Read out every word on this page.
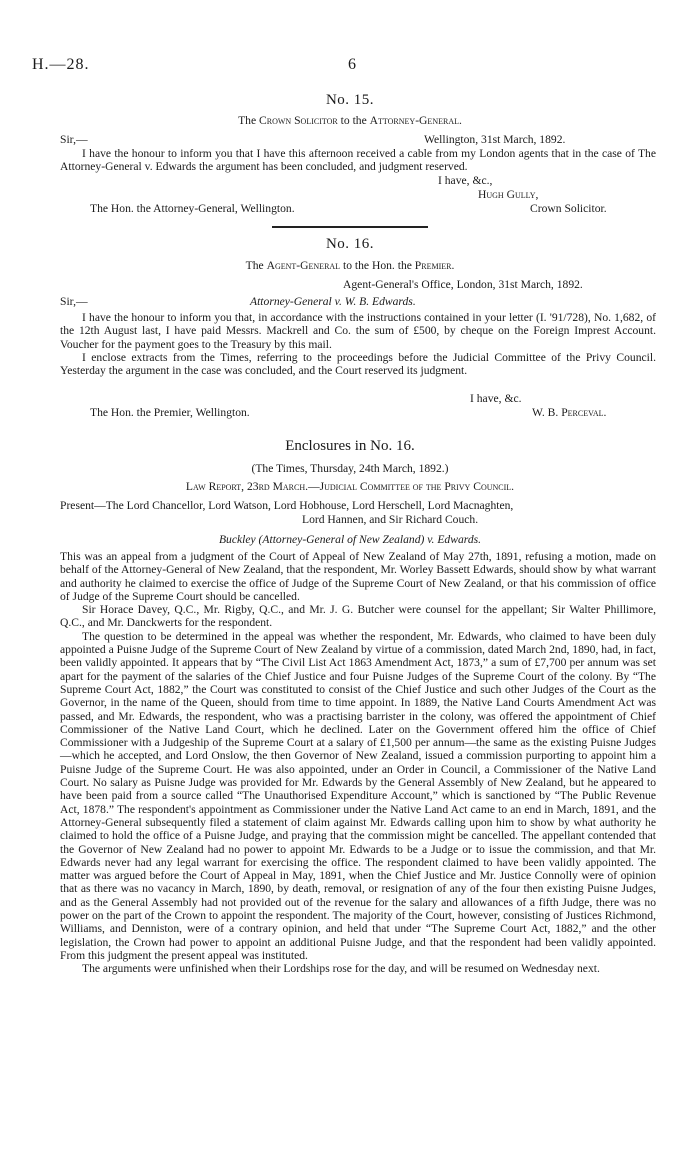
H.—28.	6
No. 15.
The Crown Solicitor to the Attorney-General.
Sir,—	Wellington, 31st March, 1892.

I have the honour to inform you that I have this afternoon received a cable from my London agents that in the case of The Attorney-General v. Edwards the argument has been concluded, and judgment reserved.

I have, &c.,
Hugh Gully,
The Hon. the Attorney-General, Wellington.	Crown Solicitor.
No. 16.
The Agent-General to the Hon. the Premier.
Agent-General's Office, London, 31st March, 1892.
Sir,—	Attorney-General v. W. B. Edwards.

I have the honour to inform you that, in accordance with the instructions contained in your letter (I. '91/728), No. 1,682, of the 12th August last, I have paid Messrs. Mackrell and Co. the sum of £500, by cheque on the Foreign Imprest Account. Voucher for the payment goes to the Treasury by this mail.

I enclose extracts from the Times, referring to the proceedings before the Judicial Committee of the Privy Council. Yesterday the argument in the case was concluded, and the Court reserved its judgment.

I have, &c.
The Hon. the Premier, Wellington.	W. B. Perceval.
Enclosures in No. 16.
(The Times, Thursday, 24th March, 1892.)
Law Report, 23rd March.—Judicial Committee of the Privy Council.
Present—The Lord Chancellor, Lord Watson, Lord Hobhouse, Lord Herschell, Lord Macnaghten,
Lord Hannen, and Sir Richard Couch.
Buckley (Attorney-General of New Zealand) v. Edwards.

This was an appeal from a judgment of the Court of Appeal of New Zealand of May 27th, 1891, refusing a motion, made on behalf of the Attorney-General of New Zealand, that the respondent, Mr. Worley Bassett Edwards, should show by what warrant and authority he claimed to exercise the office of Judge of the Supreme Court of New Zealand, or that his commission of office of Judge of the Supreme Court should be cancelled.

Sir Horace Davey, Q.C., Mr. Rigby, Q.C., and Mr. J. G. Butcher were counsel for the appellant; Sir Walter Phillimore, Q.C., and Mr. Danckwerts for the respondent.

The question to be determined in the appeal was whether the respondent, Mr. Edwards, who claimed to have been duly appointed a Puisne Judge of the Supreme Court of New Zealand by virtue of a commission, dated March 2nd, 1890, had, in fact, been validly appointed. It appears that by “The Civil List Act 1863 Amendment Act, 1873,” a sum of £7,700 per annum was set apart for the payment of the salaries of the Chief Justice and four Puisne Judges of the Supreme Court of the colony. By “The Supreme Court Act, 1882,” the Court was constituted to consist of the Chief Justice and such other Judges of the Court as the Governor, in the name of the Queen, should from time to time appoint. In 1889, the Native Land Courts Amendment Act was passed, and Mr. Edwards, the respondent, who was a practising barrister in the colony, was offered the appointment of Chief Commissioner of the Native Land Court, which he declined. Later on the Government offered him the office of Chief Commissioner with a Judgeship of the Supreme Court at a salary of £1,500 per annum—the same as the existing Puisne Judges—which he accepted, and Lord Onslow, the then Governor of New Zealand, issued a commission purporting to appoint him a Puisne Judge of the Supreme Court. He was also appointed, under an Order in Council, a Commissioner of the Native Land Court. No salary as Puisne Judge was provided for Mr. Edwards by the General Assembly of New Zealand, but he appeared to have been paid from a source called “The Unauthorised Expenditure Account,” which is sanctioned by “The Public Revenue Act, 1878.” The respondent's appointment as Commissioner under the Native Land Act came to an end in March, 1891, and the Attorney-General subsequently filed a statement of claim against Mr. Edwards calling upon him to show by what authority he claimed to hold the office of a Puisne Judge, and praying that the commission might be cancelled. The appellant contended that the Governor of New Zealand had no power to appoint Mr. Edwards to be a Judge or to issue the commission, and that Mr. Edwards never had any legal warrant for exercising the office. The respondent claimed to have been validly appointed. The matter was argued before the Court of Appeal in May, 1891, when the Chief Justice and Mr. Justice Connolly were of opinion that as there was no vacancy in March, 1890, by death, removal, or resignation of any of the four then existing Puisne Judges, and as the General Assembly had not provided out of the revenue for the salary and allowances of a fifth Judge, there was no power on the part of the Crown to appoint the respondent. The majority of the Court, however, consisting of Justices Richmond, Williams, and Denniston, were of a contrary opinion, and held that under “The Supreme Court Act, 1882,” and the other legislation, the Crown had power to appoint an additional Puisne Judge, and that the respondent had been validly appointed. From this judgment the present appeal was instituted.

The arguments were unfinished when their Lordships rose for the day, and will be resumed on Wednesday next.
